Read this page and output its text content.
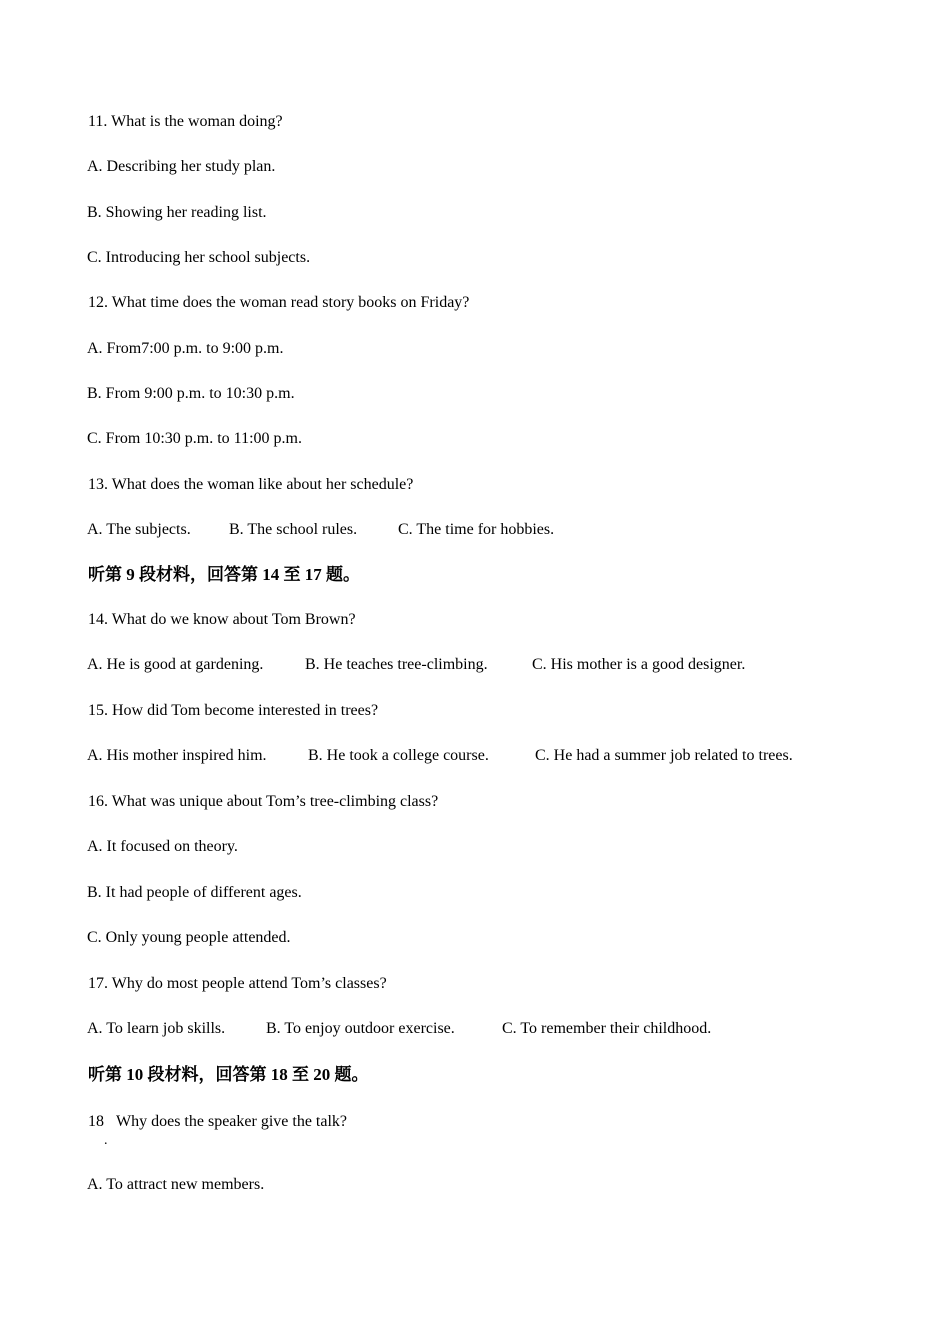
11. What is the woman doing?
A. Describing her study plan.
B. Showing her reading list.
C. Introducing her school subjects.
12. What time does the woman read story books on Friday?
A. From7:00 p.m. to 9:00 p.m.
B. From 9:00 p.m. to 10:30 p.m.
C. From 10:30 p.m. to 11:00 p.m.
13. What does the woman like about her schedule?
A. The subjects. B. The school rules.	C. The time for hobbies.
听第 9 段材料，回答第 14 至 17 题。
14. What do we know about Tom Brown?
A. He is good at gardening.	B. He teaches tree-climbing.	C. His mother is a good designer.
15. How did Tom become interested in trees?
A. His mother inspired him.	B. He took a college course.	C. He had a summer job related to trees.
16. What was unique about Tom’s tree-climbing class?
A. It focused on theory.
B. It had people of different ages.
C. Only young people attended.
17. Why do most people attend Tom’s classes?
A. To learn job skills.	B. To enjoy outdoor exercise.	C. To remember their childhood.
听第 10 段材料，回答第 18 至 20 题。
18 Why does the speaker give the talk?
.
A. To attract new members.
